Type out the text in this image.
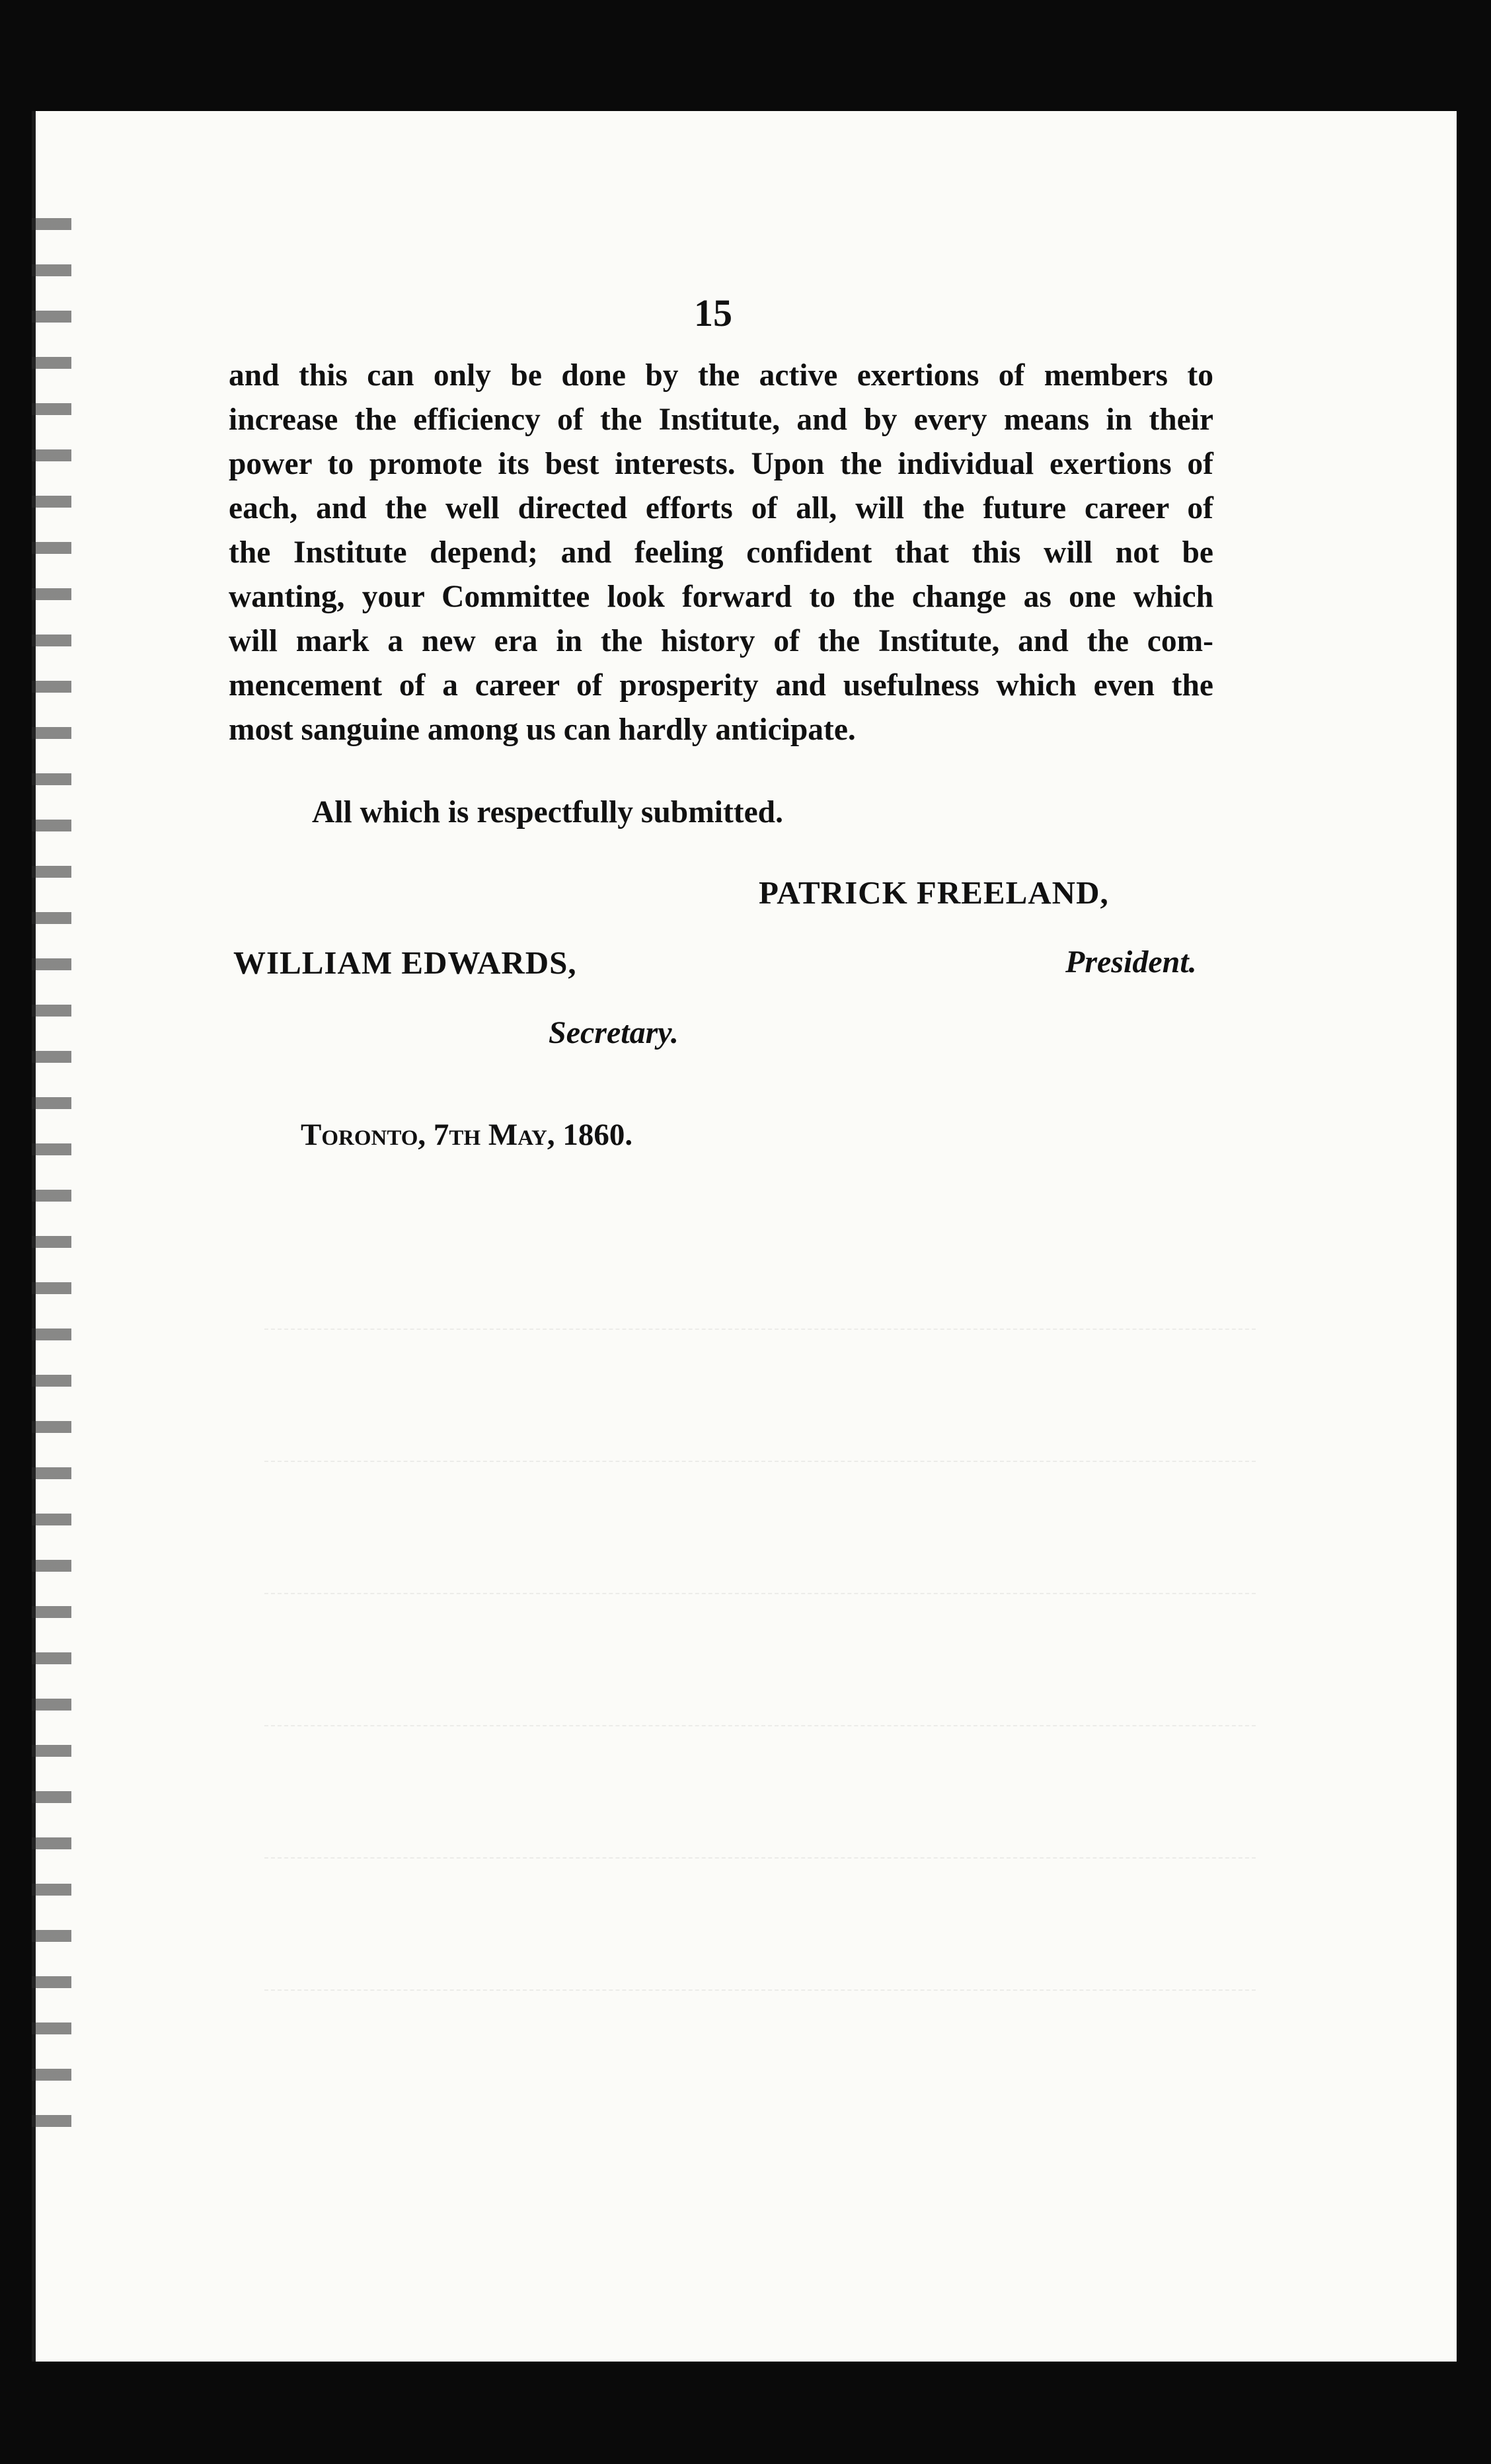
15
and this can only be done by the active exertions of members to
increase the efficiency of the Institute, and by every means in their
power to promote its best interests. Upon the individual exertions of
each, and the well directed efforts of all, will the future career of
the Institute depend; and feeling confident that this will not be
wanting, your Committee look forward to the change as one which
will mark a new era in the history of the Institute, and the com-
mencement of a career of prosperity and usefulness which even the
most sanguine among us can hardly anticipate.
All which is respectfully submitted.
PATRICK FREELAND,
WILLIAM EDWARDS,	President.
Secretary.
Toronto, 7th May, 1860.
